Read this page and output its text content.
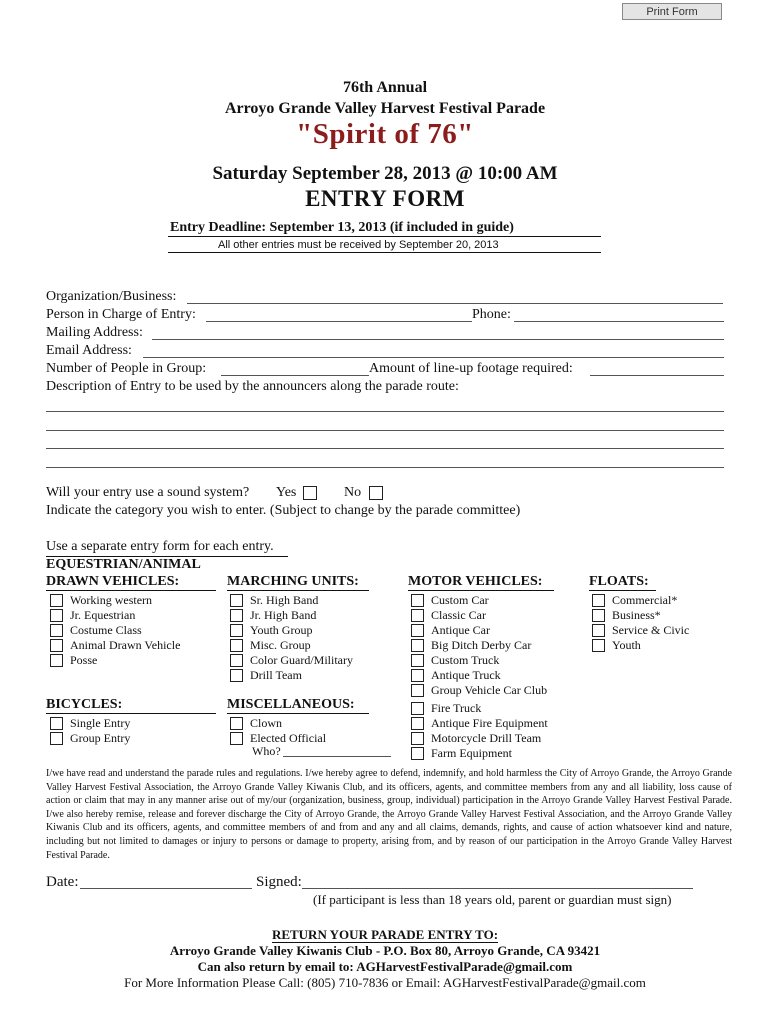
Print Form
76th Annual
Arroyo Grande Valley Harvest Festival Parade
"Spirit of 76"
Saturday September 28, 2013 @ 10:00 AM
ENTRY FORM
Entry Deadline: September 13, 2013 (if included in guide)
All other entries must be received by September 20, 2013
Organization/Business:
Person in Charge of Entry:	Phone:
Mailing Address:
Email Address:
Number of People in Group:	Amount of line-up footage required:
Description of Entry to be used by the announcers along the parade route:
Will your entry use a sound system? Yes	No
Indicate the category you wish to enter. (Subject to change by the parade committee)
Use a separate entry form for each entry.
EQUESTRIAN/ANIMAL
DRAWN VEHICLES:	MARCHING UNITS:	MOTOR VEHICLES:	FLOATS:
BICYCLES:	MISCELLANEOUS:
Working western
Jr. Equestrian
Costume Class
Animal Drawn Vehicle
Posse
Sr. High Band
Jr. High Band
Youth Group
Misc. Group
Color Guard/Military
Drill Team
Custom Car
Classic Car
Antique Car
Big Ditch Derby Car
Custom Truck
Antique Truck
Group Vehicle Car Club
Fire Truck
Antique Fire Equipment
Motorcycle Drill Team
Farm Equipment
Commercial*
Business*
Service & Civic
Youth
Single Entry
Group Entry
Clown
Elected Official
Who?
I/we have read and understand the parade rules and regulations. I/we hereby agree to defend, indemnify, and hold harmless the City of Arroyo Grande, the Arroyo Grande Valley Harvest Festival Association, the Arroyo Grande Valley Kiwanis Club, and its officers, agents, and committee members from any and all liability, loss cause of action or claim that may in any manner arise out of my/our (organization, business, group, individual) participation in the Arroyo Grande Valley Harvest Festival Parade. I/we also hereby remise, release and forever discharge the City of Arroyo Grande, the Arroyo Grande Valley Harvest Festival Association, and the Arroyo Grande Valley Kiwanis Club and its officers, agents, and committee members of and from and any and all claims, demands, rights, and cause of action whatsoever kind and nature, including but not limited to damages or injury to persons or damage to property, arising from, and by reason of our participation in the Arroyo Grande Valley Harvest Festival Parade.
Date:	Signed:
(If participant is less than 18 years old, parent or guardian must sign)
RETURN YOUR PARADE ENTRY TO:
Arroyo Grande Valley Kiwanis Club - P.O. Box 80, Arroyo Grande, CA 93421
Can also return by email to: AGHarvestFestivalParade@gmail.com
For More Information Please Call: (805) 710-7836 or Email: AGHarvestFestivalParade@gmail.com
